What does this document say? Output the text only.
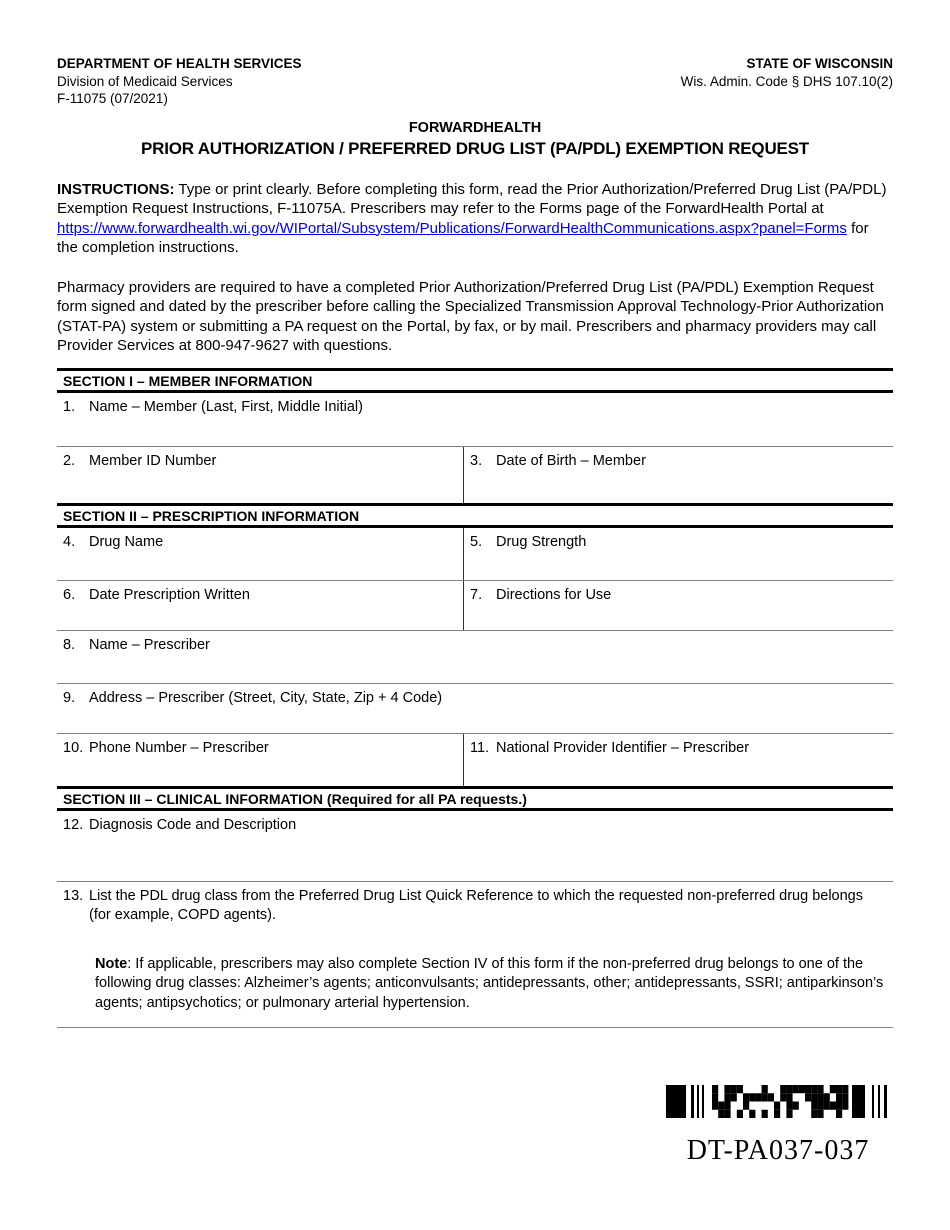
DEPARTMENT OF HEALTH SERVICES
Division of Medicaid Services
F-11075 (07/2021)
STATE OF WISCONSIN
Wis. Admin. Code § DHS 107.10(2)
FORWARDHEALTH
PRIOR AUTHORIZATION / PREFERRED DRUG LIST (PA/PDL) EXEMPTION REQUEST

INSTRUCTIONS: Type or print clearly. Before completing this form, read the Prior Authorization/Preferred Drug List (PA/PDL) Exemption Request Instructions, F-11075A. Prescribers may refer to the Forms page of the ForwardHealth Portal at https://www.forwardhealth.wi.gov/WIPortal/Subsystem/Publications/ForwardHealthCommunications.aspx?panel=Forms for the completion instructions.

Pharmacy providers are required to have a completed Prior Authorization/Preferred Drug List (PA/PDL) Exemption Request form signed and dated by the prescriber before calling the Specialized Transmission Approval Technology-Prior Authorization (STAT-PA) system or submitting a PA request on the Portal, by fax, or by mail. Prescribers and pharmacy providers may call Provider Services at 800-947-9627 with questions.

SECTION I – MEMBER INFORMATION
1. Name – Member (Last, First, Middle Initial)
2. Member ID Number	3. Date of Birth – Member
SECTION II – PRESCRIPTION INFORMATION
4. Drug Name	5. Drug Strength
6. Date Prescription Written	7. Directions for Use
8. Name – Prescriber
9. Address – Prescriber (Street, City, State, Zip + 4 Code)
10. Phone Number – Prescriber	11. National Provider Identifier – Prescriber
SECTION III – CLINICAL INFORMATION (Required for all PA requests.)
12. Diagnosis Code and Description
13. List the PDL drug class from the Preferred Drug List Quick Reference to which the requested non-preferred drug belongs (for example, COPD agents).
Note: If applicable, prescribers may also complete Section IV of this form if the non-preferred drug belongs to one of the following drug classes: Alzheimer’s agents; anticonvulsants; antidepressants, other; antidepressants, SSRI; antiparkinson’s agents; antipsychotics; or pulmonary arterial hypertension.
DT-PA037-037
